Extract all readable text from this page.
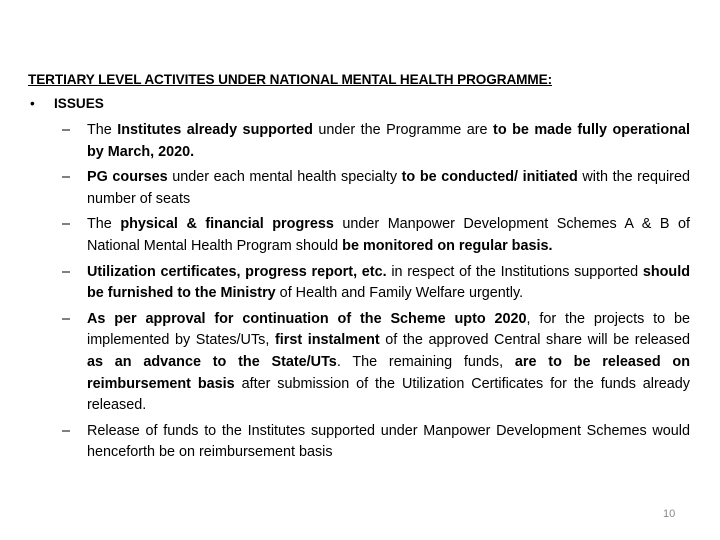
TERTIARY LEVEL ACTIVITES UNDER NATIONAL MENTAL HEALTH PROGRAMME:
• ISSUES
– The Institutes already supported under the Programme are to be made fully operational by March, 2020.
– PG courses under each mental health specialty to be conducted/ initiated with the required number of seats
– The physical & financial progress under Manpower Development Schemes A & B of National Mental Health Program should be monitored on regular basis.
– Utilization certificates, progress report, etc. in respect of the Institutions supported should be furnished to the Ministry of Health and Family Welfare urgently.
– As per approval for continuation of the Scheme upto 2020, for the projects to be implemented by States/UTs, first instalment of the approved Central share will be released as an advance to the State/UTs. The remaining funds, are to be released on reimbursement basis after submission of the Utilization Certificates for the funds already released.
– Release of funds to the Institutes supported under Manpower Development Schemes would henceforth be on reimbursement basis
10
